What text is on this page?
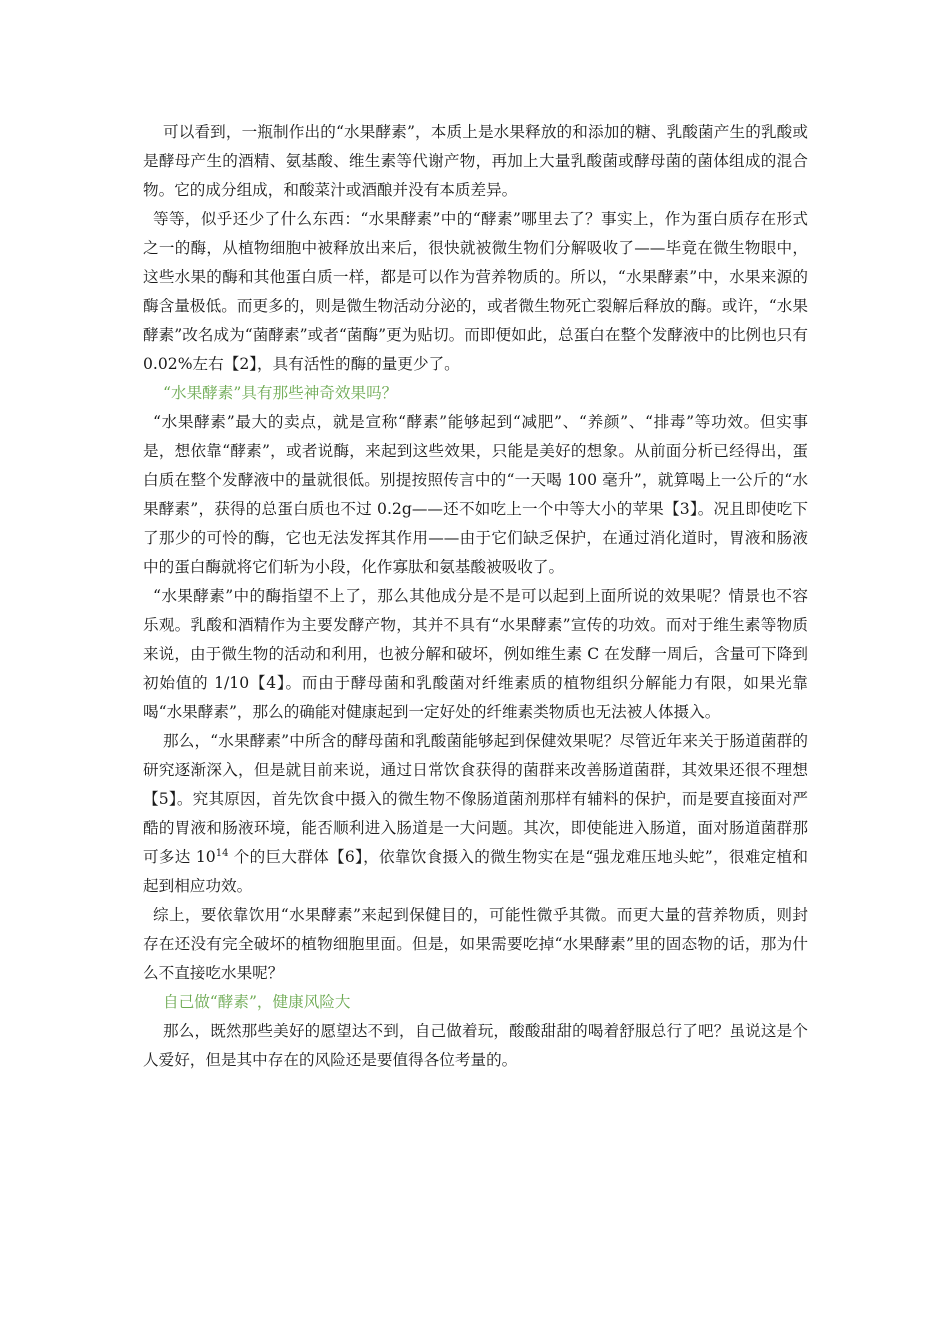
可以看到，一瓶制作出的“水果酵素”，本质上是水果释放的和添加的糖、乳酸菌产生的乳酸或是酵母产生的酒精、氨基酸、维生素等代谢产物，再加上大量乳酸菌或酵母菌的菌体组成的混合物。它的成分组成，和酸菜汁或酒酿并没有本质差异。

等等，似乎还少了什么东西：“水果酵素”中的“酵素”哪里去了？事实上，作为蛋白质存在形式之一的酶，从植物细胞中被释放出来后，很快就被微生物们分解吸收了——毕竟在微生物眼中，这些水果的酶和其他蛋白质一样，都是可以作为营养物质的。所以，“水果酵素”中，水果来源的酶含量极低。而更多的，则是微生物活动分泌的，或者微生物死亡裂解后释放的酶。或许，“水果酵素”改名成为“菌酵素”或者“菌酶”更为贴切。而即便如此，总蛋白在整个发酵液中的比例也只有 0.02%左右【2】，具有活性的酶的量更少了。

“水果酵素”具有那些神奇效果吗？

“水果酵素”最大的卖点，就是宣称“酵素”能够起到“减肥”、“养颜”、“排毒”等功效。但实事是，想依靠“酵素”，或者说酶，来起到这些效果，只能是美好的想象。从前面分析已经得出，蛋白质在整个发酵液中的量就很低。别提按照传言中的“一天喝 100 毫升”，就算喝上一公斤的“水果酵素”，获得的总蛋白质也不过 0.2g——还不如吃上一个中等大小的苹果【3】。况且即使吃下了那少的可怜的酶，它也无法发挥其作用——由于它们缺乏保护，在通过消化道时，胃液和肠液中的蛋白酶就将它们斩为小段，化作寡肽和氨基酸被吸收了。

“水果酵素”中的酶指望不上了，那么其他成分是不是可以起到上面所说的效果呢？情景也不容乐观。乳酸和酒精作为主要发酵产物，其并不具有“水果酵素”宣传的功效。而对于维生素等物质来说，由于微生物的活动和利用，也被分解和破坏，例如维生素 C 在发酵一周后，含量可下降到初始值的 1/10【4】。而由于酵母菌和乳酸菌对纤维素质的植物组织分解能力有限，如果光靠喝“水果酵素”，那么的确能对健康起到一定好处的纤维素类物质也无法被人体摄入。

那么，“水果酵素”中所含的酵母菌和乳酸菌能够起到保健效果呢？尽管近年来关于肠道菌群的研究逐渐深入，但是就目前来说，通过日常饮食获得的菌群来改善肠道菌群，其效果还很不理想【5】。究其原因，首先饮食中摄入的微生物不像肠道菌剂那样有辅料的保护，而是要直接面对严酷的胃液和肠液环境，能否顺利进入肠道是一大问题。其次，即使能进入肠道，面对肠道菌群那可多达 $10^{14}$ 个的巨大群体【6】，依靠饮食摄入的微生物实在是“强龙难压地头蛇”，很难定植和起到相应功效。

综上，要依靠饮用“水果酵素”来起到保健目的，可能性微乎其微。而更大量的营养物质，则封存在还没有完全破坏的植物细胞里面。但是，如果需要吃掉“水果酵素”里的固态物的话，那为什么不直接吃水果呢？

自己做“酵素”，健康风险大

那么，既然那些美好的愿望达不到，自己做着玩，酸酸甜甜的喝着舒服总行了吧？虽说这是个人爱好，但是其中存在的风险还是要值得各位考量的。
